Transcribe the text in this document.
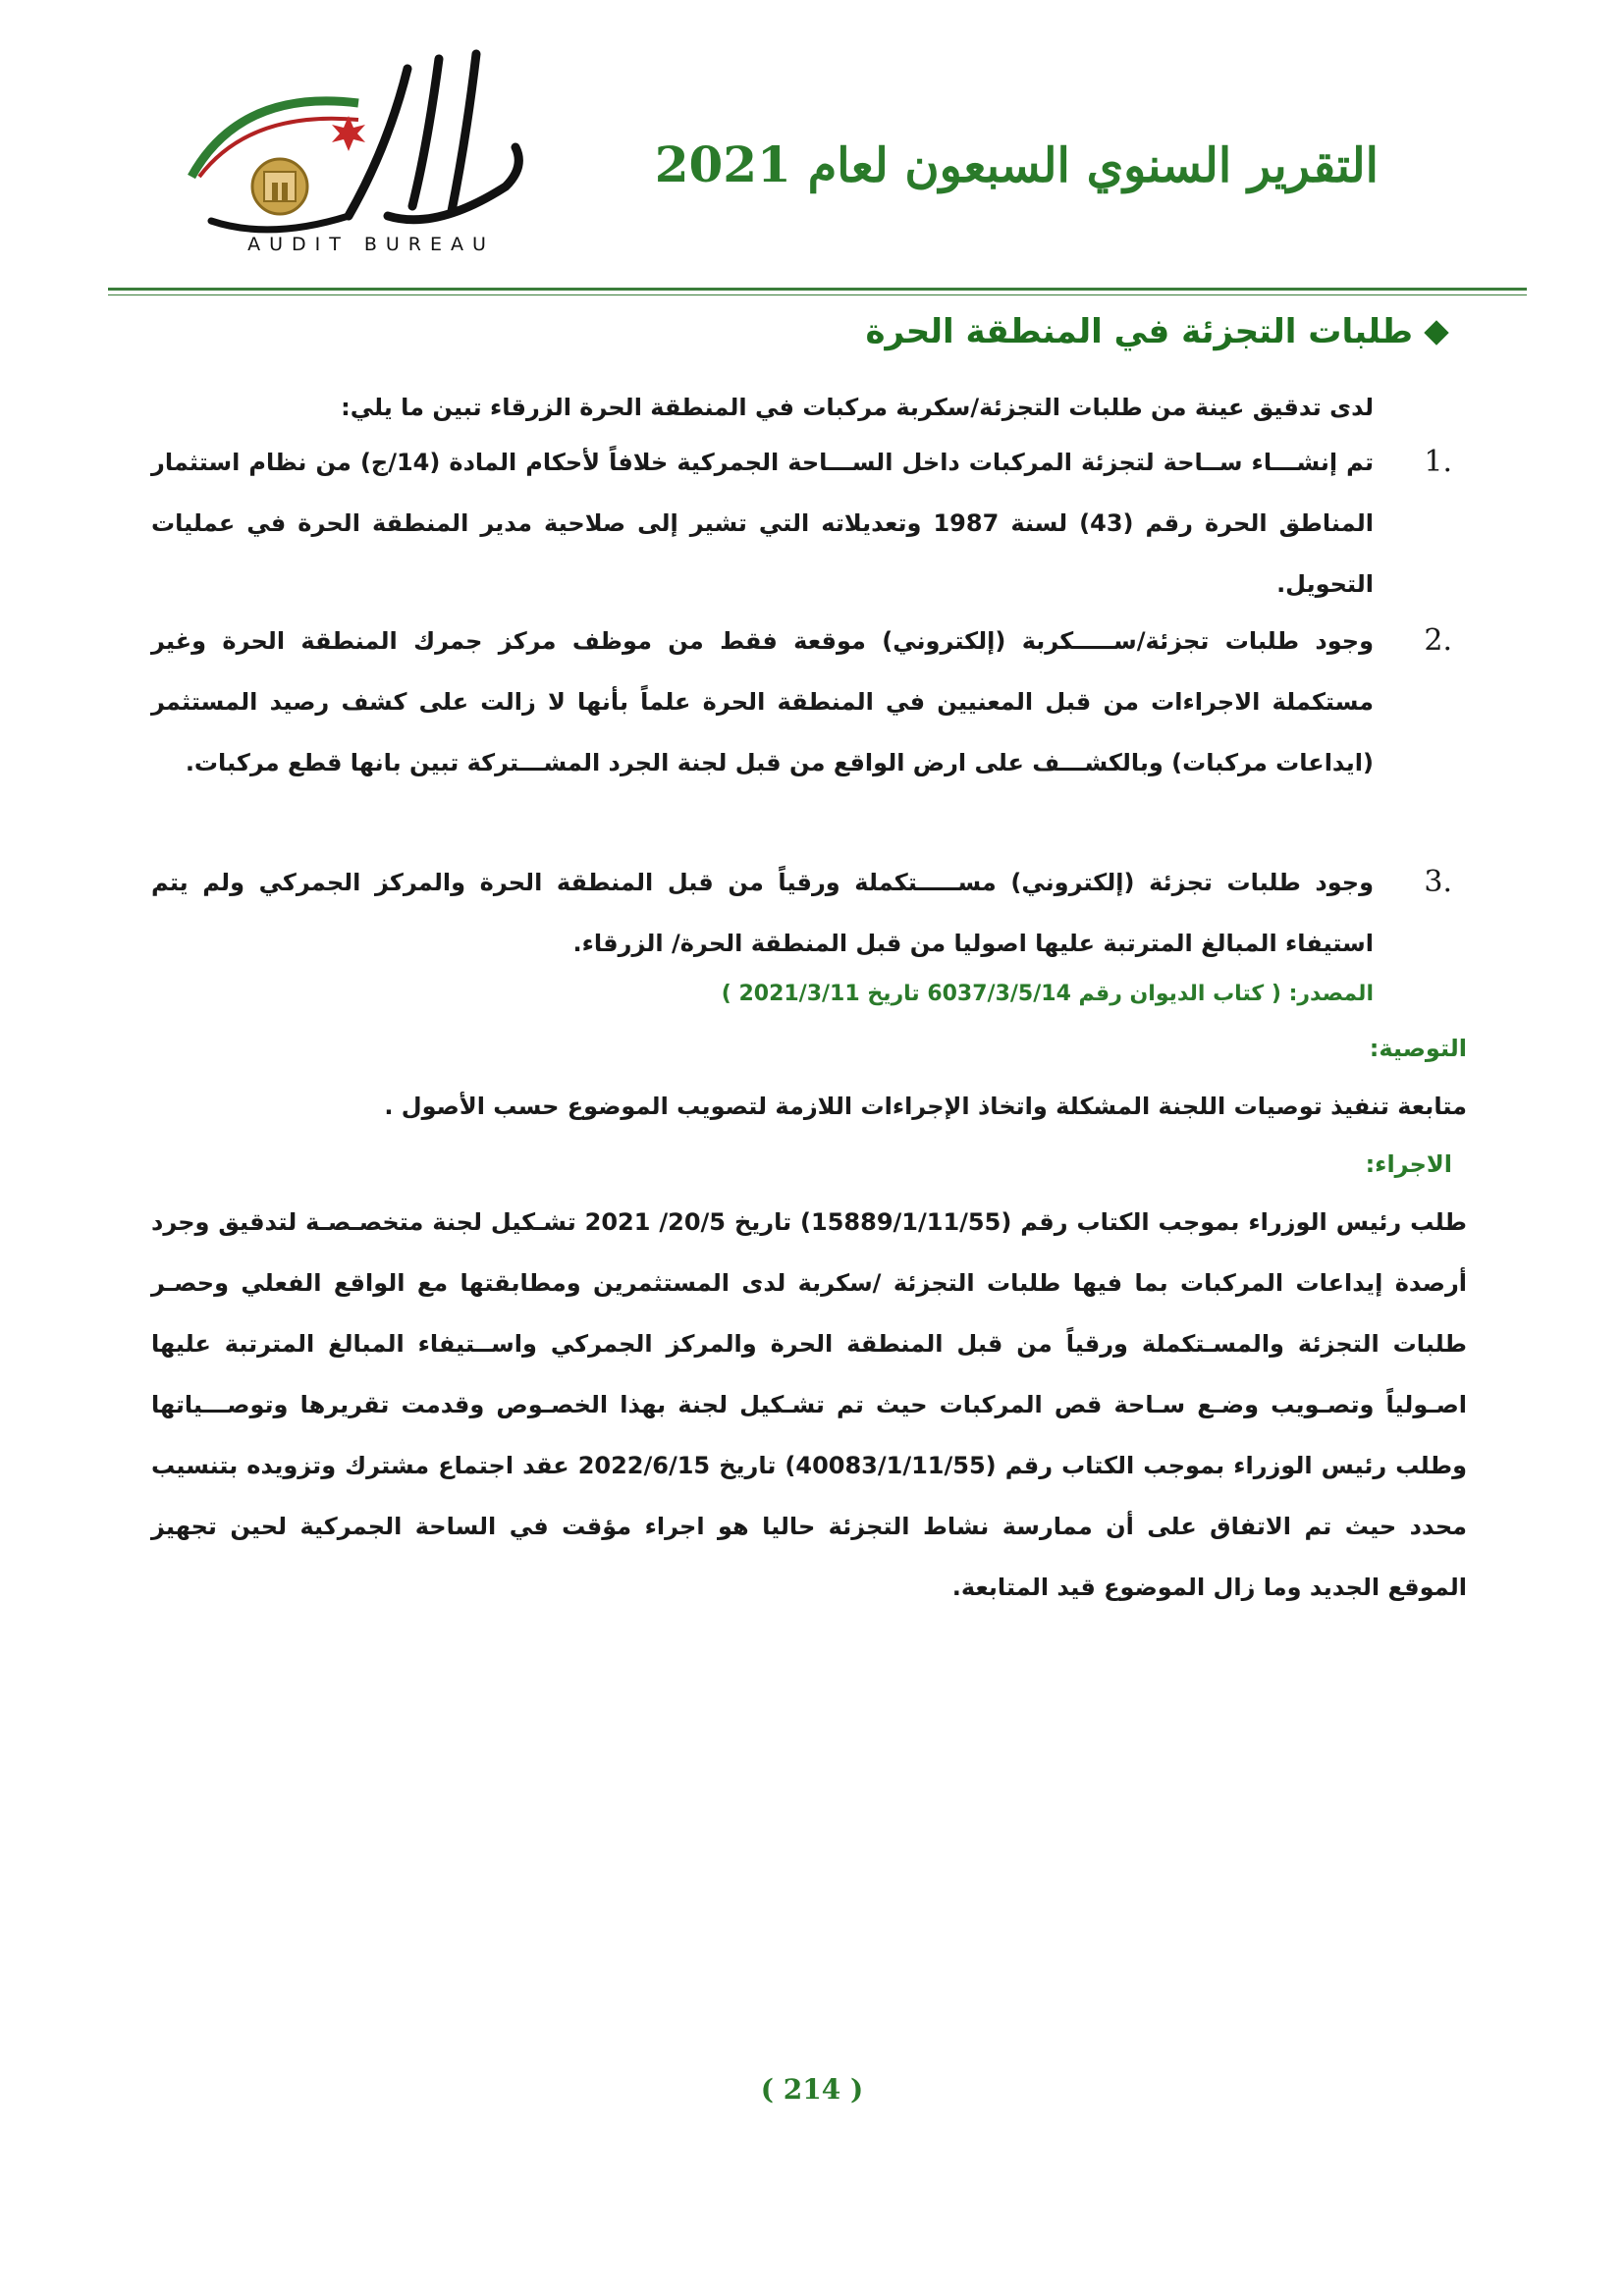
AUDIT BUREAU
التقرير السنوي السبعون لعام 2021
طلبات التجزئة في المنطقة الحرة
لدى تدقيق عينة من طلبات التجزئة/سكربة مركبات في المنطقة الحرة الزرقاء تبين ما يلي:
1.
تم إنشـــاء ســاحة لتجزئة المركبات داخل الســـاحة الجمركية خلافاً لأحكام المادة (14/ج) من نظام استثمار المناطق الحرة رقم (43) لسنة 1987 وتعديلاته التي تشير إلى صلاحية مدير المنطقة الحرة في عمليات التحويل.
2.
وجود طلبات تجزئة/ســـــكربة (إلكتروني) موقعة فقط من موظف مركز جمرك المنطقة الحرة وغير مستكملة الاجراءات من قبل المعنيين في المنطقة الحرة علماً بأنها لا زالت على كشف رصيد المستثمر (ايداعات مركبات) وبالكشـــف على ارض الواقع من قبل لجنة الجرد المشـــتركة تبين بانها قطع مركبات.
3.
وجود طلبات تجزئة (إلكتروني) مســـــتكملة ورقياً من قبل المنطقة الحرة والمركز الجمركي ولم يتم استيفاء المبالغ المترتبة عليها اصوليا من قبل المنطقة الحرة/ الزرقاء.
المصدر: ( كتاب الديوان رقم 6037/3/5/14 تاريخ 2021/3/11 )
التوصية:
متابعة تنفيذ توصيات اللجنة المشكلة واتخاذ الإجراءات اللازمة لتصويب الموضوع حسب الأصول .
الاجراء:
طلب رئيس الوزراء بموجب الكتاب رقم (15889/1/11/55) تاريخ 20/5/ 2021 تشـكيل لجنة متخصـصـة لتدقيق وجرد أرصدة إيداعات المركبات بما فيها طلبات التجزئة /سكربة لدى المستثمرين ومطابقتها مع الواقع الفعلي وحصـر طلبات التجزئة والمسـتكملة ورقياً من قبل المنطقة الحرة والمركز الجمركي واســتيفاء المبالغ المترتبة عليها اصـولياً وتصـويب وضـع سـاحة قص المركبات حيث تم تشـكيل لجنة بهذا الخصـوص وقدمت تقريرها وتوصـــياتها وطلب رئيس الوزراء بموجب الكتاب رقم (40083/1/11/55) تاريخ 2022/6/15 عقد اجتماع مشترك وتزويده بتنسيب محدد حيث تم الاتفاق على أن ممارسة نشاط التجزئة حاليا هو اجراء مؤقت في الساحة الجمركية لحين تجهيز الموقع الجديد وما زال الموضوع قيد المتابعة.
( 214 )
